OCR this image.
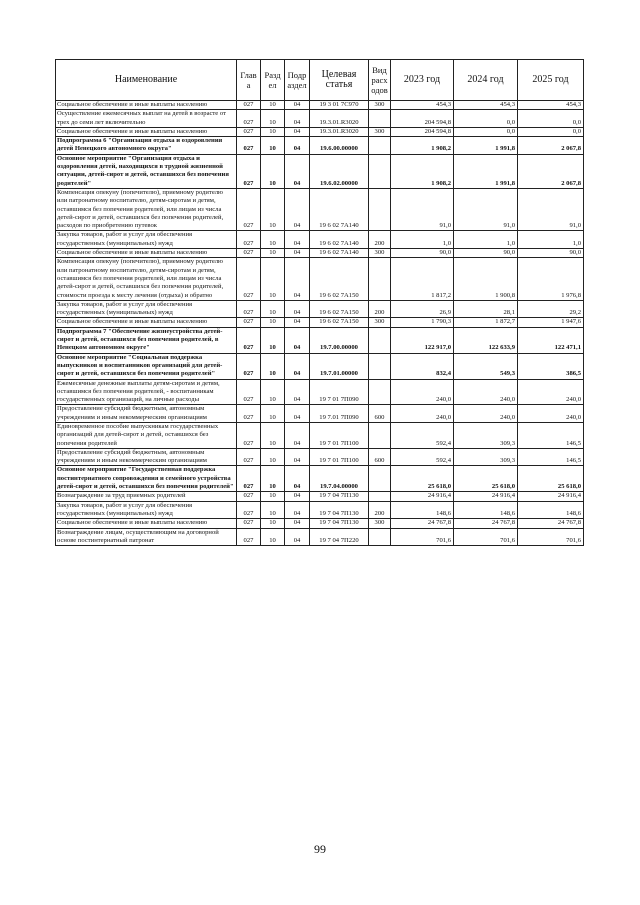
Наименование	Глав а	Разд ел	Подр аздел	Целевая статья	Вид расх одов	2023 год	2024 год	2025 год
Социальное обеспечение и иные выплаты населению	027	10	04	19 3 01 7C970	300	454,3	454,3	454,3
Осуществление ежемесячных выплат на детей в возрасте от трех до семи лет включительно	027	10	04	19.3.01.R3020		204 594,8	0,0	0,0
Социальное обеспечение и иные выплаты населению	027	10	04	19.3.01.R3020	300	204 594,8	0,0	0,0
Подпрограмма 6 "Организация отдыха и оздоровления детей Ненецкого автономного округа"	027	10	04	19.6.00.00000		1 908,2	1 991,8	2 067,8
Основное мероприятие "Организация отдыха и оздоровления детей, находящихся в трудной жизненной ситуации, детей-сирот и детей, оставшихся без попечения родителей"	027	10	04	19.6.02.00000		1 908,2	1 991,8	2 067,8
Компенсация опекуну (попечителю), приемному родителю или патронатному воспитателю, детям-сиротам и детям, оставшимся без попечения родителей, или лицам из числа детей-сирот и детей, оставшихся без попечения родителей, расходов по приобретению путевок	027	10	04	19 6 02 7А140		91,0	91,0	91,0
Закупка товаров, работ и услуг для обеспечения государственных (муниципальных) нужд	027	10	04	19 6 02 7А140	200	1,0	1,0	1,0
Социальное обеспечение и иные выплаты населению	027	10	04	19 6 02 7А140	300	90,0	90,0	90,0
Компенсация опекуну (попечителю), приемному родителю или патронатному воспитателю, детям-сиротам и детям, оставшимся без попечения родителей, или лицам из числа детей-сирот и детей, оставшихся без попечения родителей, стоимости проезда к месту лечения (отдыха) и обратно	027	10	04	19 6 02 7А150		1 817,2	1 900,8	1 976,8
Закупка товаров, работ и услуг для обеспечения государственных (муниципальных) нужд	027	10	04	19 6 02 7А150	200	26,9	28,1	29,2
Социальное обеспечение и иные выплаты населению	027	10	04	19 6 02 7А150	300	1 790,3	1 872,7	1 947,6
Подпрограмма 7 "Обеспечение жизнеустройства детей-сирот и детей, оставшихся без попечения родителей, в Ненецком автономном округе"	027	10	04	19.7.00.00000		122 917,0	122 633,9	122 471,1
Основное мероприятие "Социальная поддержка выпускников и воспитанников организаций для детей-сирот и детей, оставшихся без попечения родителей"	027	10	04	19.7.01.00000		832,4	549,3	386,5
Ежемесячные денежные выплаты детям-сиротам и детям, оставшимся без попечения родителей, - воспитанникам государственных организаций, на личные расходы	027	10	04	19 7 01 7П090		240,0	240,0	240,0
Предоставление субсидий бюджетным, автономным учреждениям и иным некоммерческим организациям	027	10	04	19 7.01 7П090	600	240,0	240,0	240,0
Единовременное пособие выпускникам государственных организаций для детей-сирот и детей, оставшихся без попечения родителей	027	10	04	19 7 01 7П100		592,4	309,3	146,5
Предоставление субсидий бюджетным, автономным учреждениям и иным некоммерческим организациям	027	10	04	19 7 01 7П100	600	592,4	309,3	146,5
Основное мероприятие "Государственная поддержка постинтернатного сопровождения и семейного устройства детей-сирот и детей, оставшихся без попечения родителей"	027	10	04	19.7.04.00000		25 618,0	25 618,0	25 618,0
Вознаграждение за труд приемных родителей	027	10	04	19 7 04 7П130		24 916,4	24 916,4	24 916,4
Закупка товаров, работ и услуг для обеспечения государственных (муниципальных) нужд	027	10	04	19 7 04 7П130	200	148,6	148,6	148,6
Социальное обеспечение и иные выплаты населению	027	10	04	19 7 04 7П130	300	24 767,8	24 767,8	24 767,8
Вознаграждение лицам, осуществляющим на договорной основе постинтернатный патронат	027	10	04	19 7 04 7П220		701,6	701,6	701,6
99
